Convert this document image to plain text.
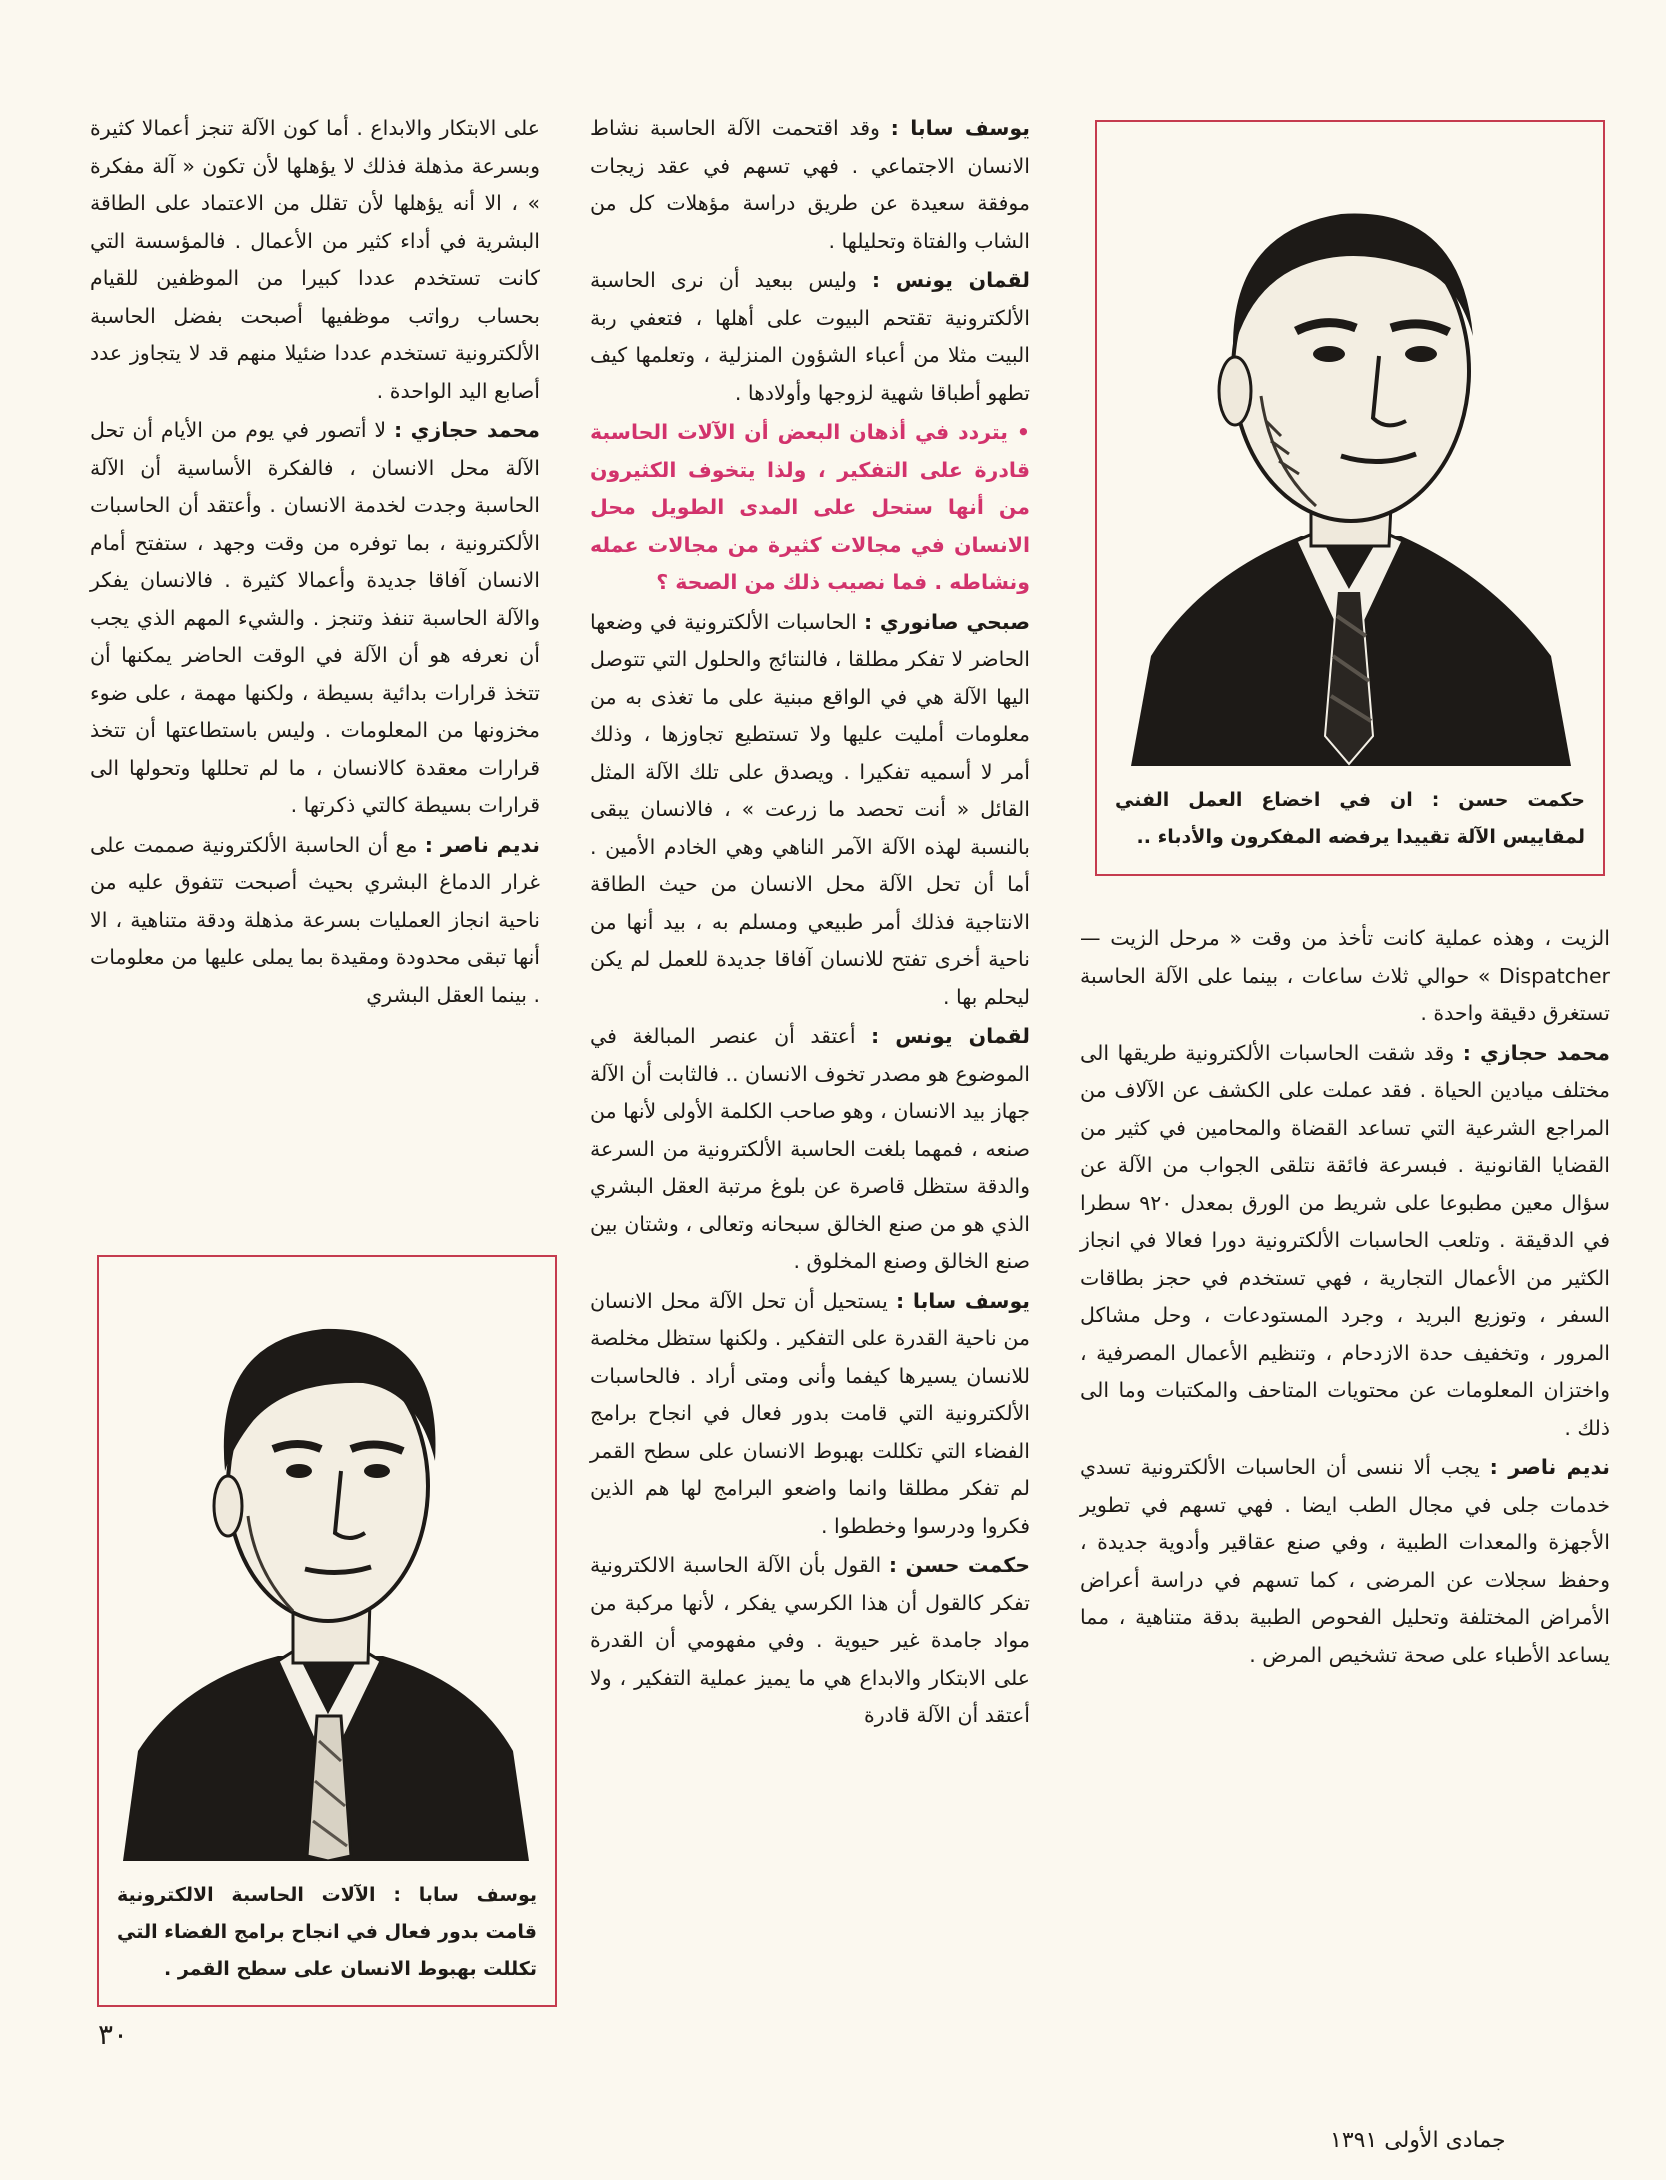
الزيت ، وهذه عملية كانت تأخذ من وقت « مرحل الزيت — Dispatcher » حوالي ثلاث ساعات ، بينما على الآلة الحاسبة تستغرق دقيقة واحدة .

محمد حجازي : وقد شقت الحاسبات الألكترونية طريقها الى مختلف ميادين الحياة . فقد عملت على الكشف عن الآلاف من المراجع الشرعية التي تساعد القضاة والمحامين في كثير من القضايا القانونية . فبسرعة فائقة نتلقى الجواب من الآلة عن سؤال معين مطبوعا على شريط من الورق بمعدل ٩٢٠ سطرا في الدقيقة . وتلعب الحاسبات الألكترونية دورا فعالا في انجاز الكثير من الأعمال التجارية ، فهي تستخدم في حجز بطاقات السفر ، وتوزيع البريد ، وجرد المستودعات ، وحل مشاكل المرور ، وتخفيف حدة الازدحام ، وتنظيم الأعمال المصرفية ، واختزان المعلومات عن محتويات المتاحف والمكتبات وما الى ذلك .

نديم ناصر : يجب ألا ننسى أن الحاسبات الألكترونية تسدي خدمات جلى في مجال الطب ايضا . فهي تسهم في تطوير الأجهزة والمعدات الطبية ، وفي صنع عقاقير وأدوية جديدة ، وحفظ سجلات عن المرضى ، كما تسهم في دراسة أعراض الأمراض المختلفة وتحليل الفحوص الطبية بدقة متناهية ، مما يساعد الأطباء على صحة تشخيص المرض .

يوسف سابا : وقد اقتحمت الآلة الحاسبة نشاط الانسان الاجتماعي . فهي تسهم في عقد زيجات موفقة سعيدة عن طريق دراسة مؤهلات كل من الشاب والفتاة وتحليلها .

لقمان يونس : وليس ببعيد أن نرى الحاسبة الألكترونية تقتحم البيوت على أهلها ، فتعفي ربة البيت مثلا من أعباء الشؤون المنزلية ، وتعلمها كيف تطهو أطباقا شهية لزوجها وأولادها .

• يتردد في أذهان البعض أن الآلات الحاسبة قادرة على التفكير ، ولذا يتخوف الكثيرون من أنها ستحل على المدى الطويل محل الانسان في مجالات كثيرة من مجالات عمله ونشاطه . فما نصيب ذلك من الصحة ؟

صبحي صانوري : الحاسبات الألكترونية في وضعها الحاضر لا تفكر مطلقا ، فالنتائج والحلول التي تتوصل اليها الآلة هي في الواقع مبنية على ما تغذى به من معلومات أمليت عليها ولا تستطيع تجاوزها ، وذلك أمر لا أسميه تفكيرا . ويصدق على تلك الآلة المثل القائل « أنت تحصد ما زرعت » ، فالانسان يبقى بالنسبة لهذه الآلة الآمر الناهي وهي الخادم الأمين . أما أن تحل الآلة محل الانسان من حيث الطاقة الانتاجية فذلك أمر طبيعي ومسلم به ، بيد أنها من ناحية أخرى تفتح للانسان آفاقا جديدة للعمل لم يكن ليحلم بها .

لقمان يونس : أعتقد أن عنصر المبالغة في الموضوع هو مصدر تخوف الانسان .. فالثابت أن الآلة جهاز بيد الانسان ، وهو صاحب الكلمة الأولى لأنها من صنعه ، فمهما بلغت الحاسبة الألكترونية من السرعة والدقة ستظل قاصرة عن بلوغ مرتبة العقل البشري الذي هو من صنع الخالق سبحانه وتعالى ، وشتان بين صنع الخالق وصنع المخلوق .

يوسف سابا : يستحيل أن تحل الآلة محل الانسان من ناحية القدرة على التفكير . ولكنها ستظل مخلصة للانسان يسيرها كيفما وأنى ومتى أراد . فالحاسبات الألكترونية التي قامت بدور فعال في انجاح برامج الفضاء التي تكللت بهبوط الانسان على سطح القمر لم تفكر مطلقا وانما واضعو البرامج لها هم الذين فكروا ودرسوا وخططوا .

حكمت حسن : القول بأن الآلة الحاسبة الالكترونية تفكر كالقول أن هذا الكرسي يفكر ، لأنها مركبة من مواد جامدة غير حيوية . وفي مفهومي أن القدرة على الابتكار والابداع هي ما يميز عملية التفكير ، ولا أعتقد أن الآلة قادرة

على الابتكار والابداع . أما كون الآلة تنجز أعمالا كثيرة وبسرعة مذهلة فذلك لا يؤهلها لأن تكون « آلة مفكرة » ، الا أنه يؤهلها لأن تقلل من الاعتماد على الطاقة البشرية في أداء كثير من الأعمال . فالمؤسسة التي كانت تستخدم عددا كبيرا من الموظفين للقيام بحساب رواتب موظفيها أصبحت بفضل الحاسبة الألكترونية تستخدم عددا ضئيلا منهم قد لا يتجاوز عدد أصابع اليد الواحدة .

محمد حجازي : لا أتصور في يوم من الأيام أن تحل الآلة محل الانسان ، فالفكرة الأساسية أن الآلة الحاسبة وجدت لخدمة الانسان . وأعتقد أن الحاسبات الألكترونية ، بما توفره من وقت وجهد ، ستفتح أمام الانسان آفاقا جديدة وأعمالا كثيرة . فالانسان يفكر والآلة الحاسبة تنفذ وتنجز . والشيء المهم الذي يجب أن نعرفه هو أن الآلة في الوقت الحاضر يمكنها أن تتخذ قرارات بدائية بسيطة ، ولكنها مهمة ، على ضوء مخزونها من المعلومات . وليس باستطاعتها أن تتخذ قرارات معقدة كالانسان ، ما لم تحللها وتحولها الى قرارات بسيطة كالتي ذكرتها .

نديم ناصر : مع أن الحاسبة الألكترونية صممت على غرار الدماغ البشري بحيث أصبحت تتفوق عليه من ناحية انجاز العمليات بسرعة مذهلة ودقة متناهية ، الا أنها تبقى محدودة ومقيدة بما يملى عليها من معلومات . بينما العقل البشري

حكمت حسن : ان في اخضاع العمل الفني لمقاييس الآلة تقييدا يرفضه المفكرون والأدباء ..
يوسف سابا : الآلات الحاسبة الالكترونية قامت بدور فعال في انجاح برامج الفضاء التي تكللت بهبوط الانسان على سطح القمر .
٣٠
جمادى الأولى ١٣٩١
